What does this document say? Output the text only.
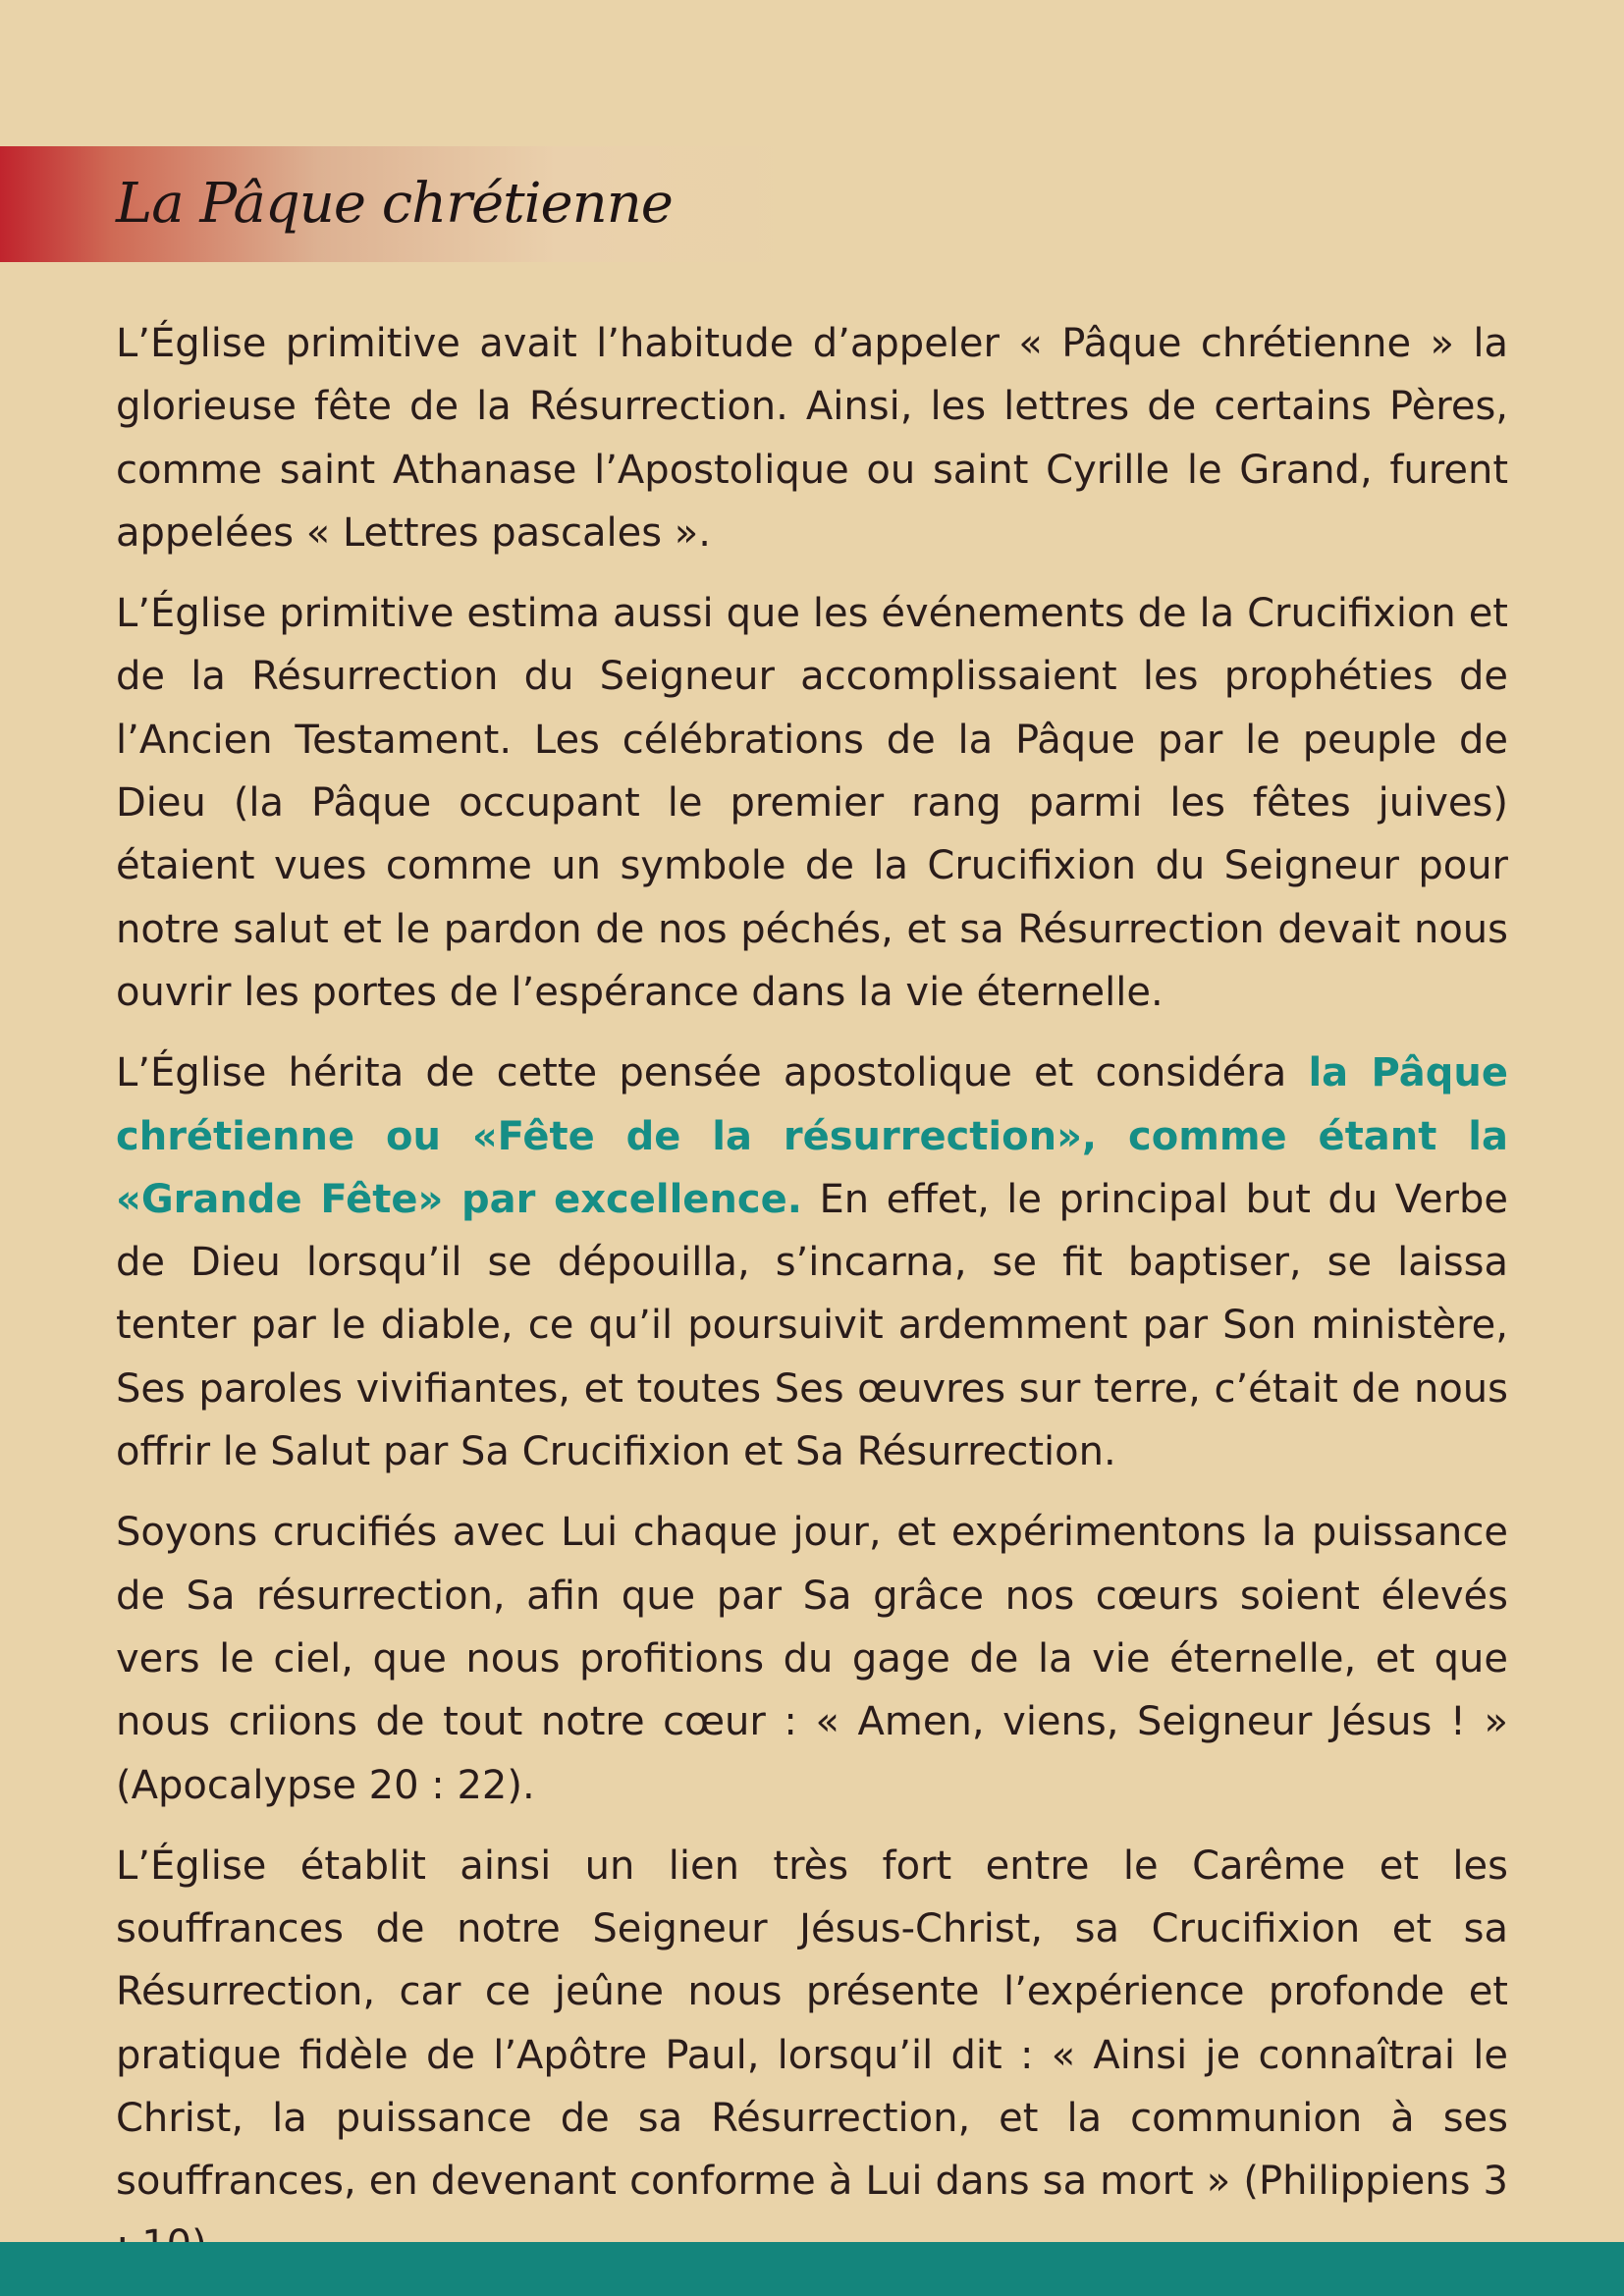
La Pâque chrétienne

L’Église primitive avait l’habitude d’appeler « Pâque chrétienne » la glorieuse fête de la Résurrection. Ainsi, les lettres de certains Pères, comme saint Athanase l’Apostolique ou saint Cyrille le Grand, furent appelées « Lettres pascales ».

L’Église primitive estima aussi que les événements de la Crucifixion et de la Résurrection du Seigneur accomplissaient les prophéties de l’Ancien Testament. Les célébrations de la Pâque par le peuple de Dieu (la Pâque occupant le premier rang parmi les fêtes juives) étaient vues comme un symbole de la Crucifixion du Seigneur pour notre salut et le pardon de nos péchés, et sa Résurrection devait nous ouvrir les portes de l’espérance dans la vie éternelle.

L’Église hérita de cette pensée apostolique et considéra la Pâque chrétienne ou «Fête de la résurrection», comme étant la «Grande Fête» par excellence. En effet, le principal but du Verbe de Dieu lorsqu’il se dépouilla, s’incarna, se fit baptiser, se laissa tenter par le diable, ce qu’il poursuivit ardemment par Son ministère, Ses paroles vivifiantes, et toutes Ses œuvres sur terre, c’était de nous offrir le Salut par Sa Crucifixion et Sa Résurrection.

Soyons crucifiés avec Lui chaque jour, et expérimentons la puissance de Sa résurrection, afin que par Sa grâce nos cœurs soient élevés vers le ciel, que nous profitions du gage de la vie éternelle, et que nous criions de tout notre cœur : « Amen, viens, Seigneur Jésus ! » (Apocalypse 20 : 22).

L’Église établit ainsi un lien très fort entre le Carême et les souffrances de notre Seigneur Jésus-Christ, sa Crucifixion et sa Résurrection, car ce jeûne nous présente l’expérience profonde et pratique fidèle de l’Apôtre Paul, lorsqu’il dit : « Ainsi je connaîtrai le Christ, la puissance de sa Résurrection, et la communion à ses souffrances, en devenant conforme à Lui dans sa mort » (Philippiens 3
